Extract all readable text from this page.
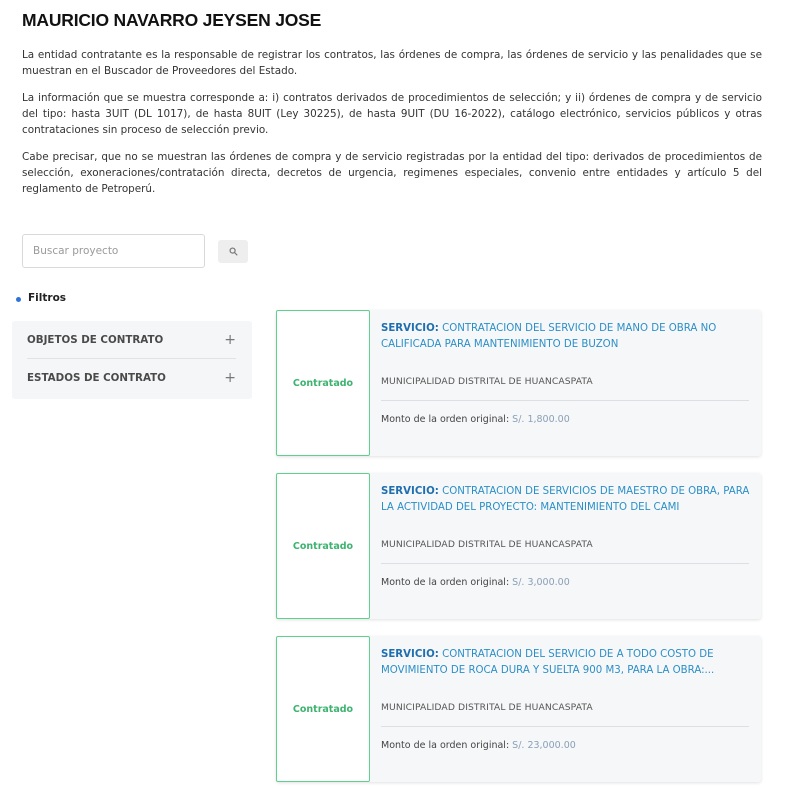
MAURICIO NAVARRO JEYSEN JOSE

La entidad contratante es la responsable de registrar los contratos, las órdenes de compra, las órdenes de servicio y las penalidades que se muestran en el Buscador de Proveedores del Estado.

La información que se muestra corresponde a: i) contratos derivados de procedimientos de selección; y ii) órdenes de compra y de servicio del tipo: hasta 3UIT (DL 1017), de hasta 8UIT (Ley 30225), de hasta 9UIT (DU 16-2022), catálogo electrónico, servicios públicos y otras contrataciones sin proceso de selección previo.

Cabe precisar, que no se muestran las órdenes de compra y de servicio registradas por la entidad del tipo: derivados de procedimientos de selección, exoneraciones/contratación directa, decretos de urgencia, regimenes especiales, convenio entre entidades y artículo 5 del reglamento de Petroperú.

Buscar proyecto
Filtros
OBJETOS DE CONTRATO	+
ESTADOS DE CONTRATO	+	Contratado
SERVICIO: CONTRATACION DEL SERVICIO DE MANO DE OBRA NO CALIFICADA PARA MANTENIMIENTO DE BUZON
MUNICIPALIDAD DISTRITAL DE HUANCASPATA
Monto de la orden original: S/. 1,800.00
Contratado
SERVICIO: CONTRATACION DE SERVICIOS DE MAESTRO DE OBRA, PARA LA ACTIVIDAD DEL PROYECTO: MANTENIMIENTO DEL CAMI
MUNICIPALIDAD DISTRITAL DE HUANCASPATA
Monto de la orden original: S/. 3,000.00
Contratado
SERVICIO: CONTRATACION DEL SERVICIO DE A TODO COSTO DE MOVIMIENTO DE ROCA DURA Y SUELTA 900 M3, PARA LA OBRA:...
MUNICIPALIDAD DISTRITAL DE HUANCASPATA
Monto de la orden original: S/. 23,000.00
